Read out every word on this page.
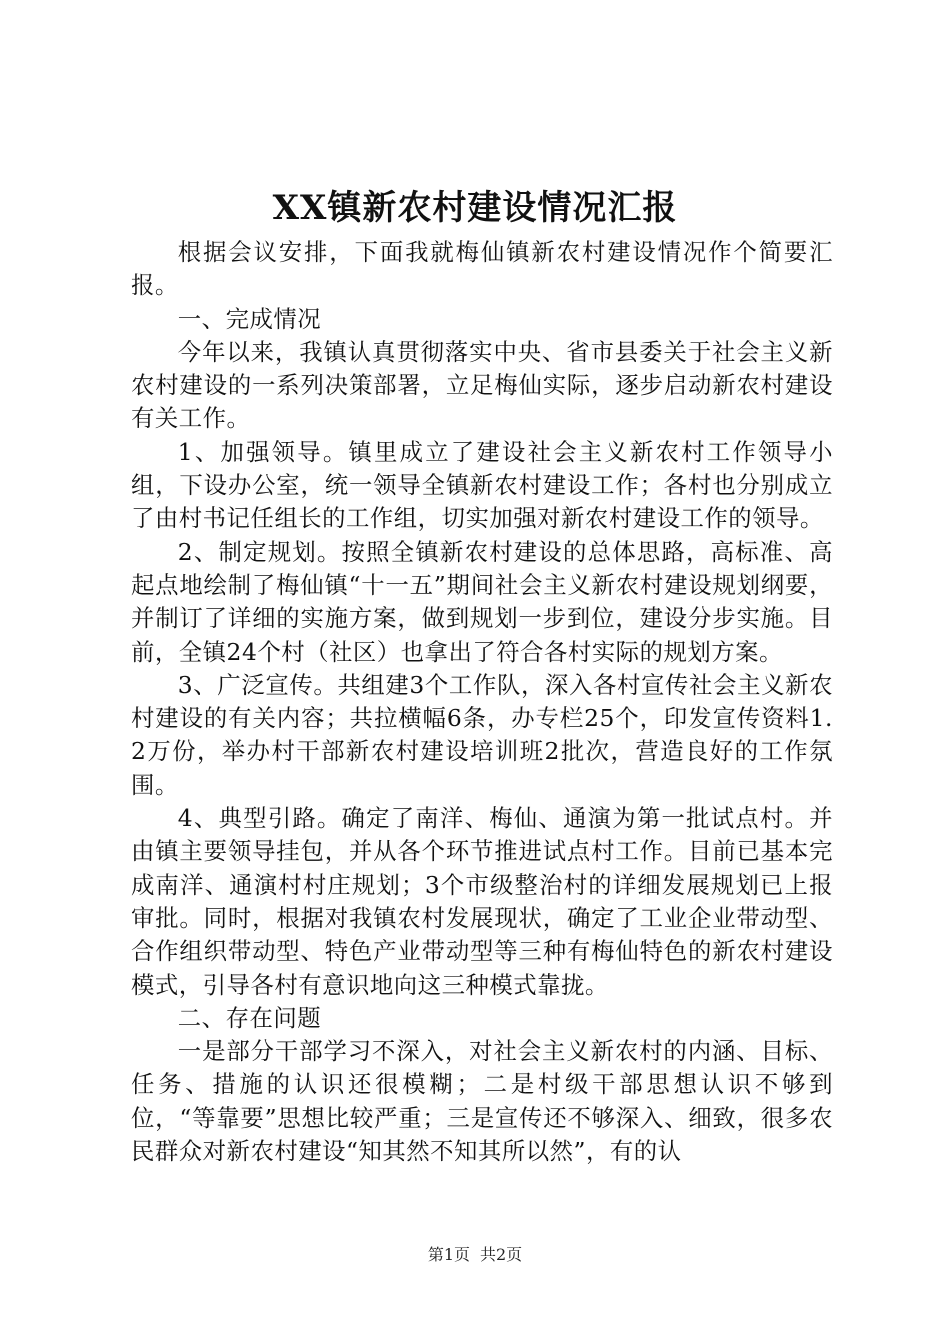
XX镇新农村建设情况汇报

根据会议安排，下面我就梅仙镇新农村建设情况作个简要汇报。

一、完成情况

今年以来，我镇认真贯彻落实中央、省市县委关于社会主义新农村建设的一系列决策部署，立足梅仙实际，逐步启动新农村建设有关工作。

1、加强领导。镇里成立了建设社会主义新农村工作领导小组，下设办公室，统一领导全镇新农村建设工作；各村也分别成立了由村书记任组长的工作组，切实加强对新农村建设工作的领导。

2、制定规划。按照全镇新农村建设的总体思路，高标准、高起点地绘制了梅仙镇“十一五”期间社会主义新农村建设规划纲要，并制订了详细的实施方案，做到规划一步到位，建设分步实施。目前，全镇24个村（社区）也拿出了符合各村实际的规划方案。

3、广泛宣传。共组建3个工作队，深入各村宣传社会主义新农村建设的有关内容；共拉横幅6条，办专栏25个，印发宣传资料1.2万份，举办村干部新农村建设培训班2批次，营造良好的工作氛围。

4、典型引路。确定了南洋、梅仙、通演为第一批试点村。并由镇主要领导挂包，并从各个环节推进试点村工作。目前已基本完成南洋、通演村村庄规划；3个市级整治村的详细发展规划已上报审批。同时，根据对我镇农村发展现状，确定了工业企业带动型、合作组织带动型、特色产业带动型等三种有梅仙特色的新农村建设模式，引导各村有意识地向这三种模式靠拢。

二、存在问题

一是部分干部学习不深入，对社会主义新农村的内涵、目标、任务、措施的认识还很模糊；二是村级干部思想认识不够到位，“等靠要”思想比较严重；三是宣传还不够深入、细致，很多农民群众对新农村建设“知其然不知其所以然”，有的认

第1页 共2页
